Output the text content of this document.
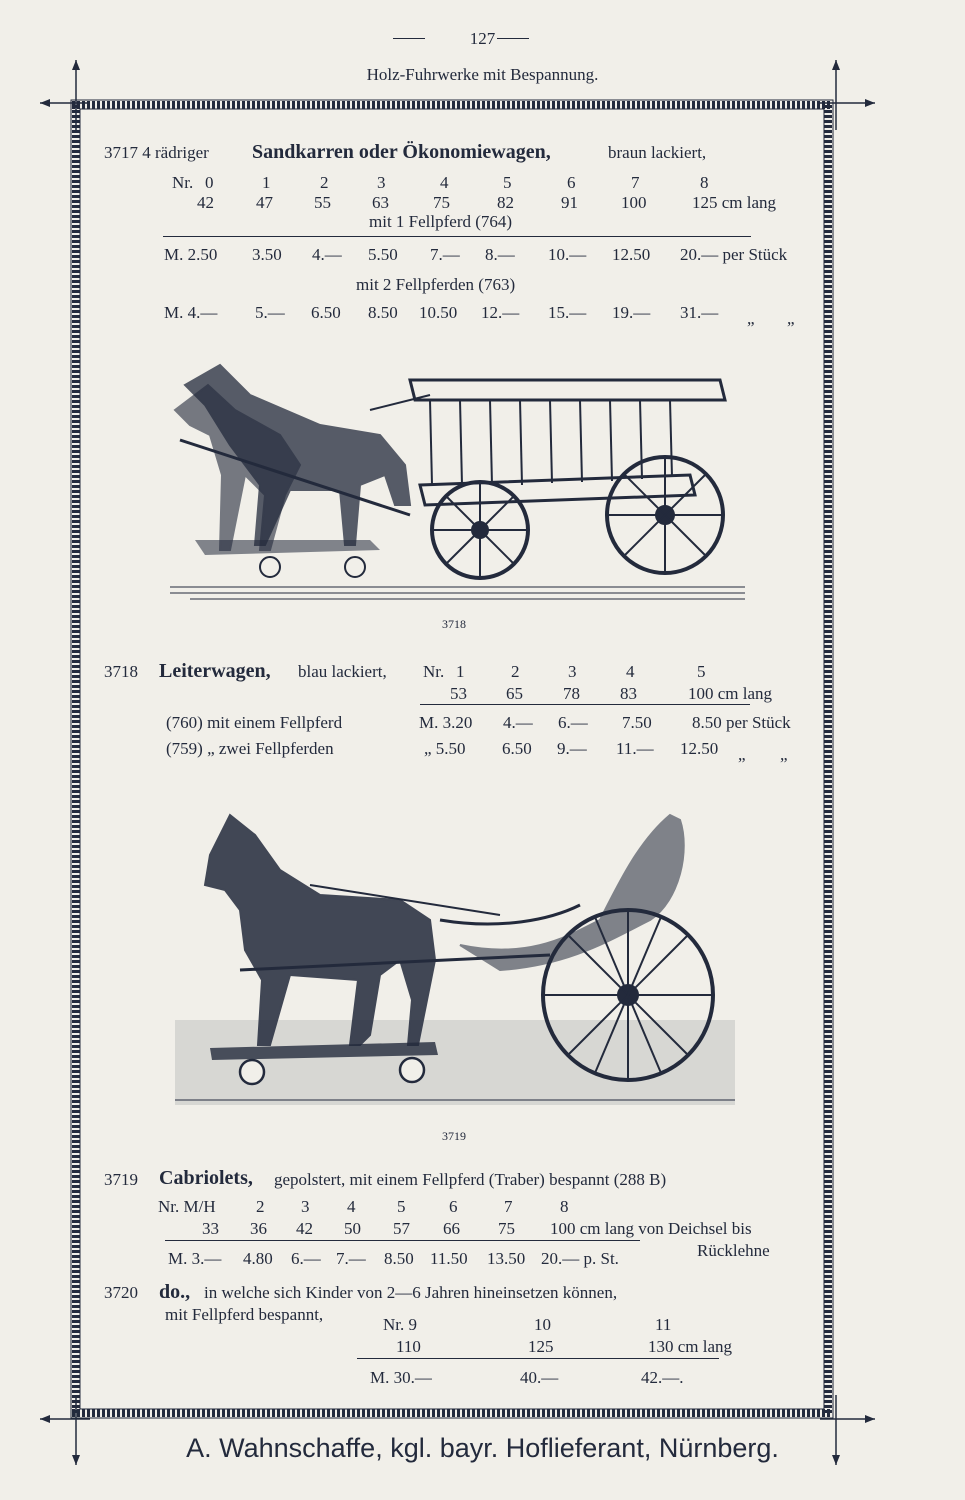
127
Holz-Fuhrwerke mit Bespannung.
3717 4 rädriger Sandkarren oder Ökonomiewagen,	braun lackiert,
Nr. 0	1	2	3	4	5	6	7	8
42 47 55 63	75	82	91	100	125 cm lang
mit 1 Fellpferd (764)
M. 2.50 3.50 4.— 5.50 7.— 8.— 10.— 12.50 20.— per Stück
mit 2 Fellpferden (763)
M. 4.— 5.— 6.50 8.50 10.50 12.— 15.— 19.— 31.— „ „
3718
3718 Leiterwagen, blau lackiert, Nr. 1	2	3	4	5
53 65 78 83	100 cm lang
(760) mit einem Fellpferd	M. 3.20 4.— 6.— 7.50 8.50 per Stück
(759) „ zwei Fellpferden	„ 5.50 6.50 9.— 11.— 12.50 „ „
3719
3719 Cabriolets, gepolstert, mit einem Fellpferd (Traber) bespannt (288 B)
Nr. M/H 2 3 4 5	6	7	8
33 36 42 50 57 66 75 100 cm lang von Deichsel bis
Rücklehne
M. 3.— 4.80 6.— 7.— 8.50 11.50 13.50 20.— p. St.
3720 do., in welche sich Kinder von 2—6 Jahren hineinsetzen können,
mit Fellpferd bespannt,
Nr. 9	10	11
110	125	130 cm lang
M. 30.—	40.—	42.—.
A. Wahnschaffe, kgl. bayr. Hoflieferant, Nürnberg.
